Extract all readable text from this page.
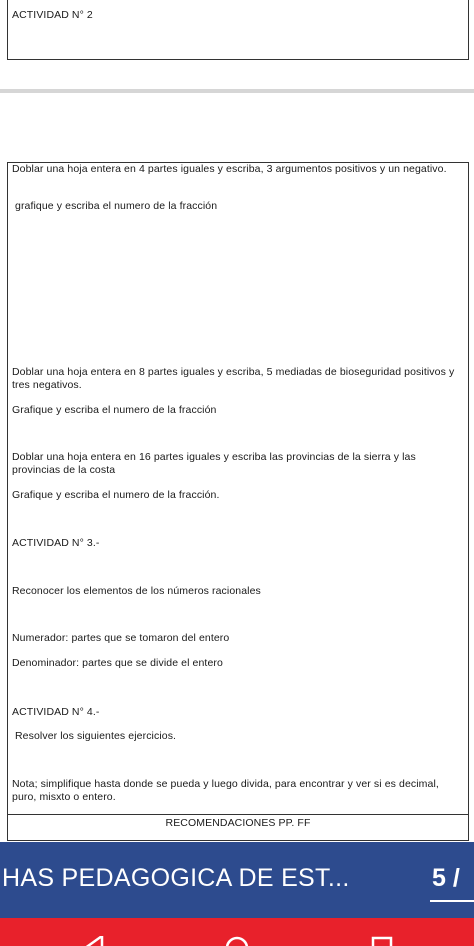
ACTIVIDAD N° 2
Doblar una hoja entera en 4 partes iguales y escriba, 3 argumentos positivos y un negativo.
grafique y escriba el numero de la fracción
Doblar una hoja entera en 8 partes iguales y escriba, 5 mediadas de bioseguridad positivos y tres negativos.
Grafique y escriba el numero de la fracción
Doblar una hoja entera en 16 partes iguales y escriba las provincias de la sierra y las provincias de la costa
Grafique y escriba el numero de la fracción.
ACTIVIDAD N° 3.-
Reconocer los elementos de los números racionales
Numerador: partes que se tomaron del entero
Denominador: partes que se divide el entero
ACTIVIDAD N° 4.-
Resolver los siguientes ejercicios.
Nota; simplifique hasta donde se pueda y luego divida, para encontrar y ver si es decimal, puro, misxto o entero.
RECOMENDACIONES PP. FF
HAS PEDAGOGICA DE EST...	5 /
